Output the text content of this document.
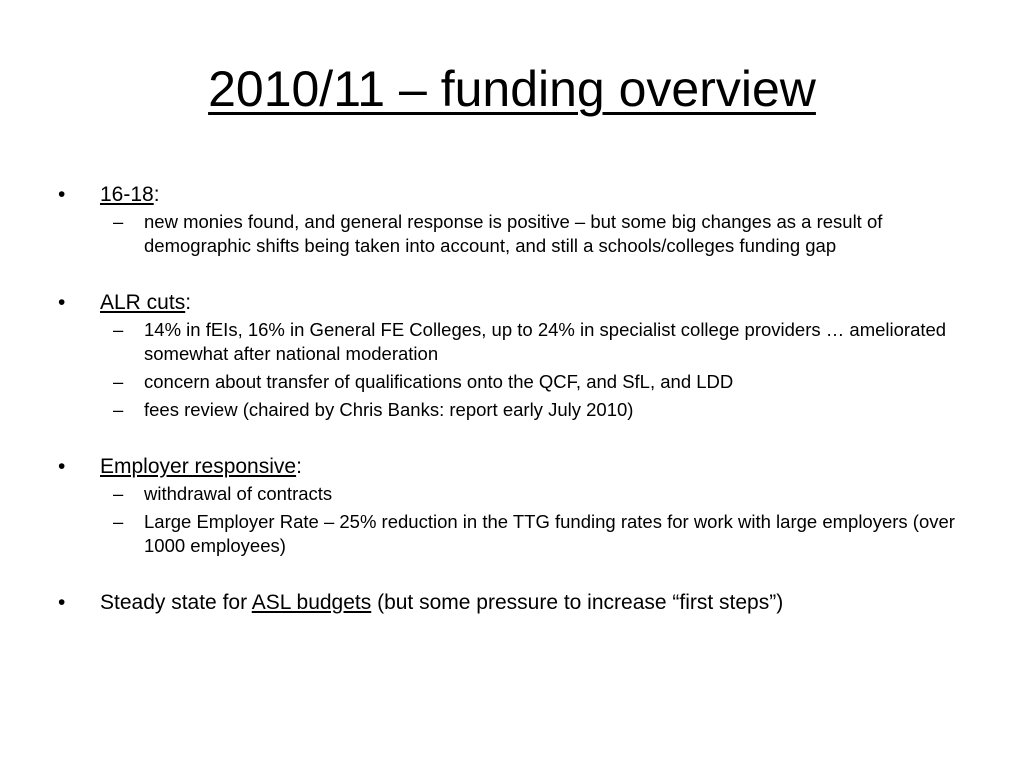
2010/11 – funding overview
•	16-18:
– new monies found, and general response is positive – but some big changes as a result of demographic shifts being taken into account, and still a schools/colleges funding gap
•	ALR cuts:
– 14% in fEIs, 16% in General FE Colleges, up to 24% in specialist college providers … ameliorated somewhat after national moderation
– concern about transfer of qualifications onto the QCF, and SfL, and LDD
– fees review (chaired by Chris Banks: report early July 2010)
•	Employer responsive:
– withdrawal of contracts
– Large Employer Rate – 25% reduction in the TTG funding rates for work with large employers (over 1000 employees)
•	Steady state for ASL budgets (but some pressure to increase “first steps”)
